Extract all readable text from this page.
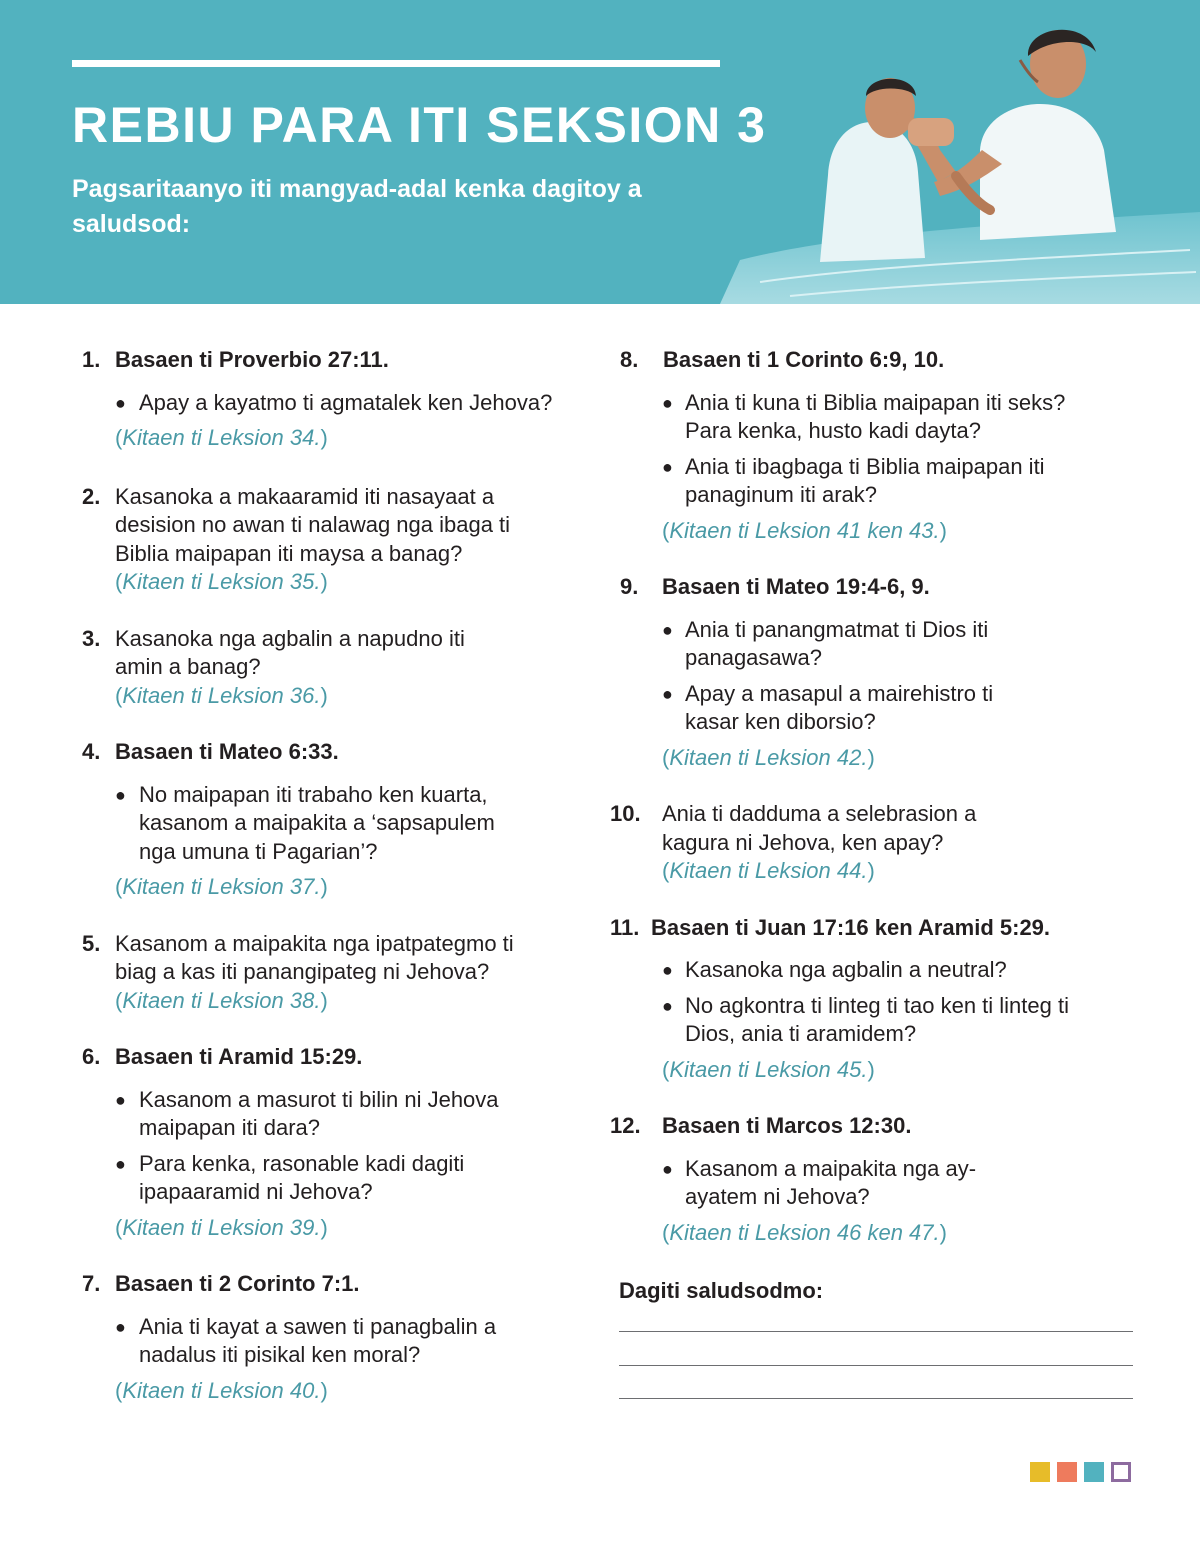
REBIU PARA ITI SEKSION 3

Pagsaritaanyo iti mangyad-adal kenka dagitoy a saludsod:

1. Basaen ti Proverbio 27:11.
● Apay a kayatmo ti agmatalek ken Jehova?
(Kitaen ti Leksion 34.)
2. Kasanoka a makaaramid iti nasayaat a desision no awan ti nalawag nga ibaga ti Biblia maipapan iti maysa a banag?
(Kitaen ti Leksion 35.)
3. Kasanoka nga agbalin a napudno iti amin a banag?
(Kitaen ti Leksion 36.)
4. Basaen ti Mateo 6:33.
● No maipapan iti trabaho ken kuarta, kasanom a maipakita a ‘sapsapulem nga umuna ti Pagarian’?
(Kitaen ti Leksion 37.)
5. Kasanom a maipakita nga ipatpategmo ti biag a kas iti panangipateg ni Jehova?
(Kitaen ti Leksion 38.)
6. Basaen ti Aramid 15:29.
● Kasanom a masurot ti bilin ni Jehova maipapan iti dara?
● Para kenka, rasonable kadi dagiti ipapaaramid ni Jehova?
(Kitaen ti Leksion 39.)
7. Basaen ti 2 Corinto 7:1.
● Ania ti kayat a sawen ti panagbalin a nadalus iti pisikal ken moral?
(Kitaen ti Leksion 40.)
8.	Basaen ti 1 Corinto 6:9, 10.
● Ania ti kuna ti Biblia maipapan iti seks? Para kenka, husto kadi dayta?
● Ania ti ibagbaga ti Biblia maipapan iti panaginum iti arak?
(Kitaen ti Leksion 41 ken 43.)
9.	Basaen ti Mateo 19:4-6, 9.
● Ania ti panangmatmat ti Dios iti panagasawa?
● Apay a masapul a mairehistro ti kasar ken diborsio?
(Kitaen ti Leksion 42.)
10. Ania ti dadduma a selebrasion a kagura ni Jehova, ken apay?
(Kitaen ti Leksion 44.)
11. Basaen ti Juan 17:16 ken Aramid 5:29.
● Kasanoka nga agbalin a neutral?
● No agkontra ti linteg ti tao ken ti linteg ti Dios, ania ti aramidem?
(Kitaen ti Leksion 45.)
12. Basaen ti Marcos 12:30.
● Kasanom a maipakita nga ay-ayatem ni Jehova?
(Kitaen ti Leksion 46 ken 47.)
Dagiti saludsodmo:
